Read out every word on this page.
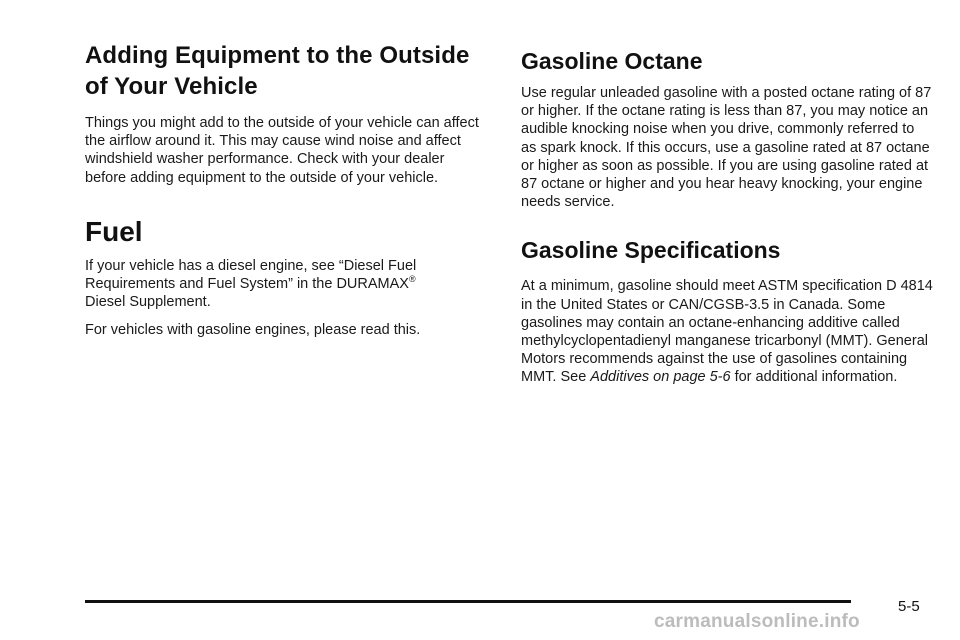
Adding Equipment to the Outside of Your Vehicle

Things you might add to the outside of your vehicle can affect the airflow around it. This may cause wind noise and affect windshield washer performance. Check with your dealer before adding equipment to the outside of your vehicle.

Fuel

If your vehicle has a diesel engine, see “Diesel Fuel Requirements and Fuel System” in the DURAMAX®
Diesel Supplement.

For vehicles with gasoline engines, please read this.

Gasoline Octane

Use regular unleaded gasoline with a posted octane rating of 87 or higher. If the octane rating is less than 87, you may notice an audible knocking noise when you drive, commonly referred to as spark knock. If this occurs, use a gasoline rated at 87 octane or higher as soon as possible. If you are using gasoline rated at 87 octane or higher and you hear heavy knocking, your engine needs service.

Gasoline Specifications

At a minimum, gasoline should meet ASTM specification D 4814 in the United States or CAN/CGSB-3.5 in Canada. Some gasolines may contain an octane-enhancing additive called methylcyclopentadienyl manganese tricarbonyl (MMT). General Motors recommends against the use of gasolines containing MMT. See Additives on page 5-6 for additional information.

5-5
carmanualsonline.info
